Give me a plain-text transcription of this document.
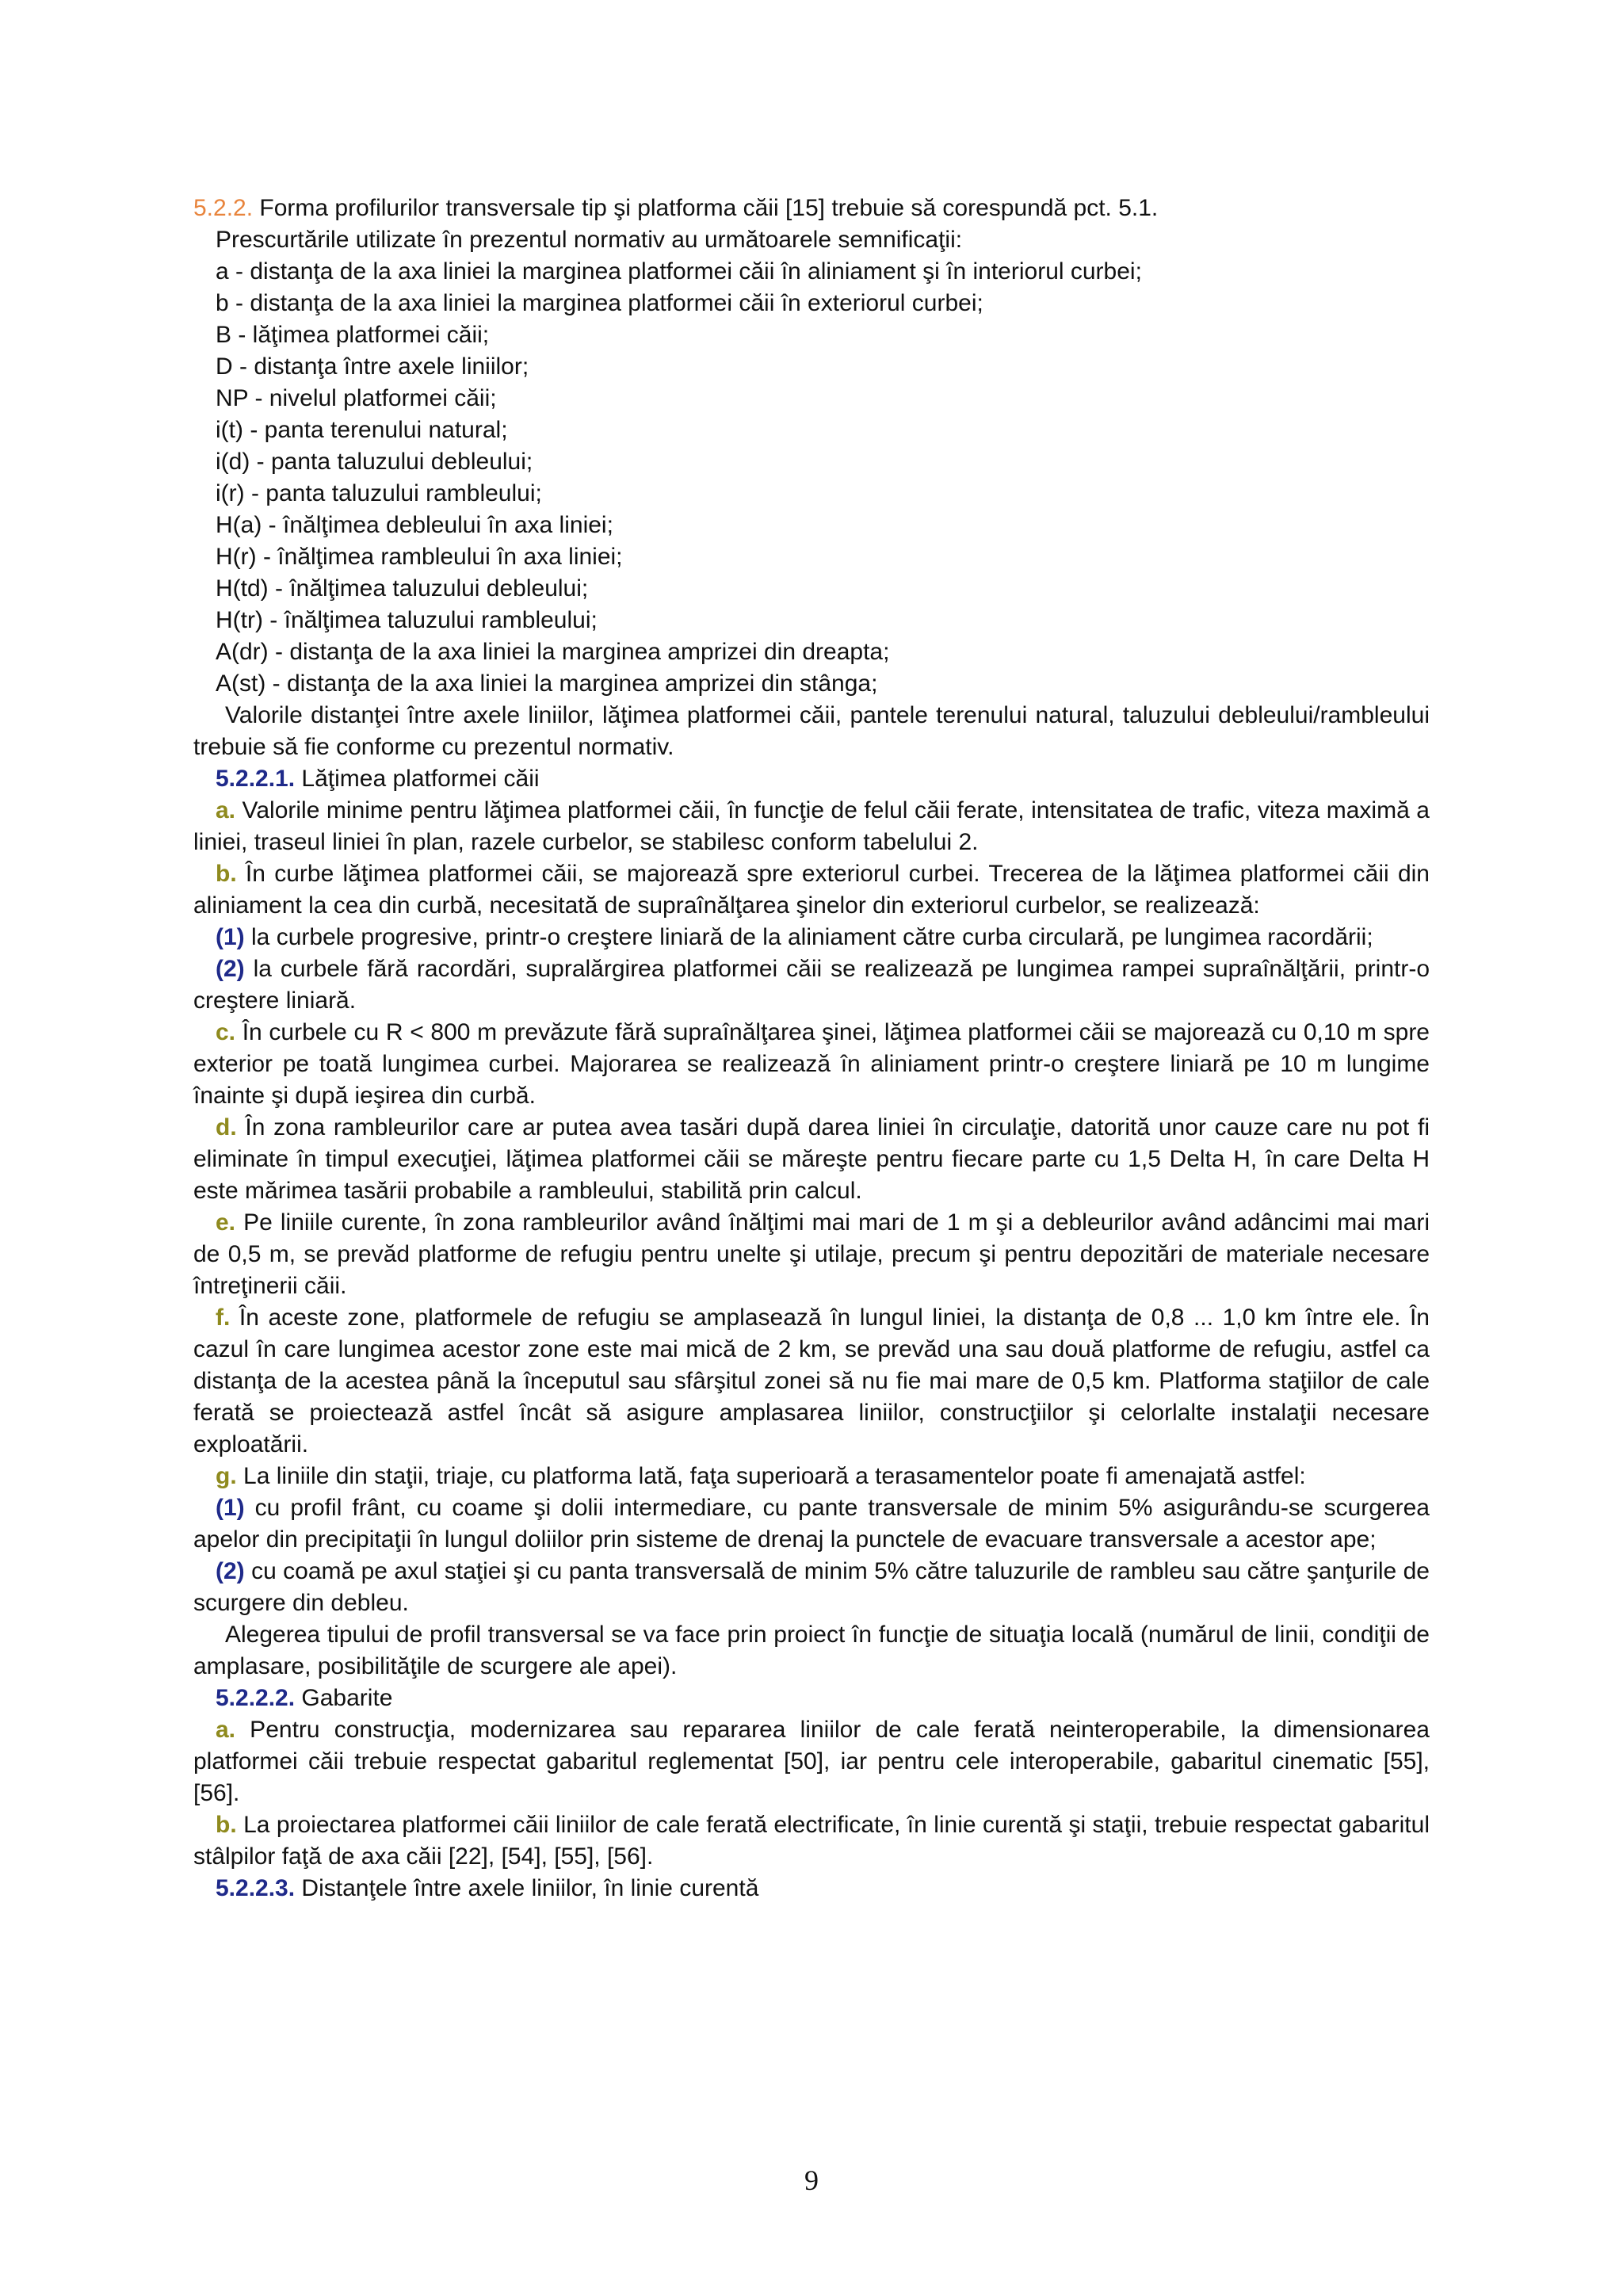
5.2.2. Forma profilurilor transversale tip şi platforma căii [15] trebuie să corespundă pct. 5.1.

Prescurtările utilizate în prezentul normativ au următoarele semnificaţii:

a - distanţa de la axa liniei la marginea platformei căii în aliniament şi în interiorul curbei;

b - distanţa de la axa liniei la marginea platformei căii în exteriorul curbei;

B - lăţimea platformei căii;

D - distanţa între axele liniilor;

NP - nivelul platformei căii;

i(t) - panta terenului natural;

i(d) - panta taluzului debleului;

i(r) - panta taluzului rambleului;

H(a) - înălţimea debleului în axa liniei;

H(r) - înălţimea rambleului în axa liniei;

H(td) - înălţimea taluzului debleului;

H(tr) - înălţimea taluzului rambleului;

A(dr) - distanţa de la axa liniei la marginea amprizei din dreapta;

A(st) - distanţa de la axa liniei la marginea amprizei din stânga;

Valorile distanţei între axele liniilor, lăţimea platformei căii, pantele terenului natural, taluzului debleului/rambleului trebuie să fie conforme cu prezentul normativ.

5.2.2.1. Lăţimea platformei căii

a. Valorile minime pentru lăţimea platformei căii, în funcţie de felul căii ferate, intensitatea de trafic, viteza maximă a liniei, traseul liniei în plan, razele curbelor, se stabilesc conform tabelului 2.

b. În curbe lăţimea platformei căii, se majorează spre exteriorul curbei. Trecerea de la lăţimea platformei căii din aliniament la cea din curbă, necesitată de supraînălţarea şinelor din exteriorul curbelor, se realizează:

(1) la curbele progresive, printr-o creştere liniară de la aliniament către curba circulară, pe lungimea racordării;

(2) la curbele fără racordări, supralărgirea platformei căii se realizează pe lungimea rampei supraînălţării, printr-o creştere liniară.

c. În curbele cu R < 800 m prevăzute fără supraînălţarea şinei, lăţimea platformei căii se majorează cu 0,10 m spre exterior pe toată lungimea curbei. Majorarea se realizează în aliniament printr-o creştere liniară pe 10 m lungime înainte şi după ieşirea din curbă.

d. În zona rambleurilor care ar putea avea tasări după darea liniei în circulaţie, datorită unor cauze care nu pot fi eliminate în timpul execuţiei, lăţimea platformei căii se măreşte pentru fiecare parte cu 1,5 Delta H, în care Delta H este mărimea tasării probabile a rambleului, stabilită prin calcul.

e. Pe liniile curente, în zona rambleurilor având înălţimi mai mari de 1 m şi a debleurilor având adâncimi mai mari de 0,5 m, se prevăd platforme de refugiu pentru unelte şi utilaje, precum şi pentru depozitări de materiale necesare întreţinerii căii.

f. În aceste zone, platformele de refugiu se amplasează în lungul liniei, la distanţa de 0,8 ... 1,0 km între ele. În cazul în care lungimea acestor zone este mai mică de 2 km, se prevăd una sau două platforme de refugiu, astfel ca distanţa de la acestea până la începutul sau sfârşitul zonei să nu fie mai mare de 0,5 km. Platforma staţiilor de cale ferată se proiectează astfel încât să asigure amplasarea liniilor, construcţiilor şi celorlalte instalaţii necesare exploatării.

g. La liniile din staţii, triaje, cu platforma lată, faţa superioară a terasamentelor poate fi amenajată astfel:

(1) cu profil frânt, cu coame şi dolii intermediare, cu pante transversale de minim 5% asigurându-se scurgerea apelor din precipitaţii în lungul doliilor prin sisteme de drenaj la punctele de evacuare transversale a acestor ape;

(2) cu coamă pe axul staţiei şi cu panta transversală de minim 5% către taluzurile de rambleu sau către şanţurile de scurgere din debleu.

Alegerea tipului de profil transversal se va face prin proiect în funcţie de situaţia locală (numărul de linii, condiţii de amplasare, posibilităţile de scurgere ale apei).

5.2.2.2. Gabarite

a. Pentru construcţia, modernizarea sau repararea liniilor de cale ferată neinteroperabile, la dimensionarea platformei căii trebuie respectat gabaritul reglementat [50], iar pentru cele interoperabile, gabaritul cinematic [55], [56].

b. La proiectarea platformei căii liniilor de cale ferată electrificate, în linie curentă şi staţii, trebuie respectat gabaritul stâlpilor faţă de axa căii [22], [54], [55], [56].

5.2.2.3. Distanţele între axele liniilor, în linie curentă

9
